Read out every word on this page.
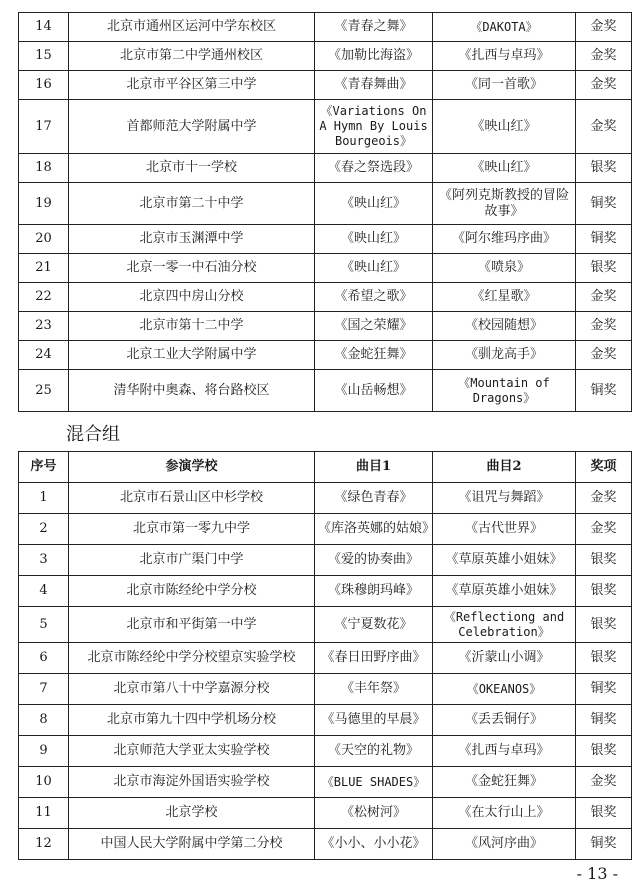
14	北京市通州区运河中学东校区	《青春之舞》	《DAKOTA》	金奖
15	北京市第二中学通州校区	《加勒比海盗》	《扎西与卓玛》	金奖
16	北京市平谷区第三中学	《青春舞曲》	《同一首歌》	金奖
17	首都师范大学附属中学	《Variations On A Hymn By Louis Bourgeois》	《映山红》	金奖
18	北京市十一学校	《春之祭选段》	《映山红》	银奖
19	北京市第二十中学	《映山红》	《阿列克斯教授的冒险故事》	铜奖
20	北京市玉渊潭中学	《映山红》	《阿尔维玛序曲》	铜奖
21	北京一零一中石油分校	《映山红》	《喷泉》	银奖
22	北京四中房山分校	《希望之歌》	《红星歌》	金奖
23	北京市第十二中学	《国之荣耀》	《校园随想》	金奖
24	北京工业大学附属中学	《金蛇狂舞》	《驯龙高手》	金奖
25	清华附中奥森、将台路校区	《山岳畅想》	《Mountain of Dragons》	铜奖
混合组
序号	参演学校	曲目1	曲目2	奖项
1	北京市石景山区中杉学校	《绿色青春》	《诅咒与舞蹈》	金奖
2	北京市第一零九中学	《库洛英娜的姑娘》	《古代世界》	金奖
3	北京市广渠门中学	《爱的协奏曲》	《草原英雄小姐妹》	银奖
4	北京市陈经纶中学分校	《珠穆朗玛峰》	《草原英雄小姐妹》	银奖
5	北京市和平街第一中学	《宁夏数花》	《Reflectiong and Celebration》	银奖
6	北京市陈经纶中学分校望京实验学校	《春日田野序曲》	《沂蒙山小调》	银奖
7	北京市第八十中学嘉源分校	《丰年祭》	《OKEANOS》	铜奖
8	北京市第九十四中学机场分校	《马德里的早晨》	《丢丢铜仔》	铜奖
9	北京师范大学亚太实验学校	《天空的礼物》	《扎西与卓玛》	银奖
10	北京市海淀外国语实验学校	《BLUE SHADES》	《金蛇狂舞》	金奖
11	北京学校	《松树河》	《在太行山上》	银奖
12	中国人民大学附属中学第二分校	《小小、小小花》	《风河序曲》	铜奖
- 13 -
